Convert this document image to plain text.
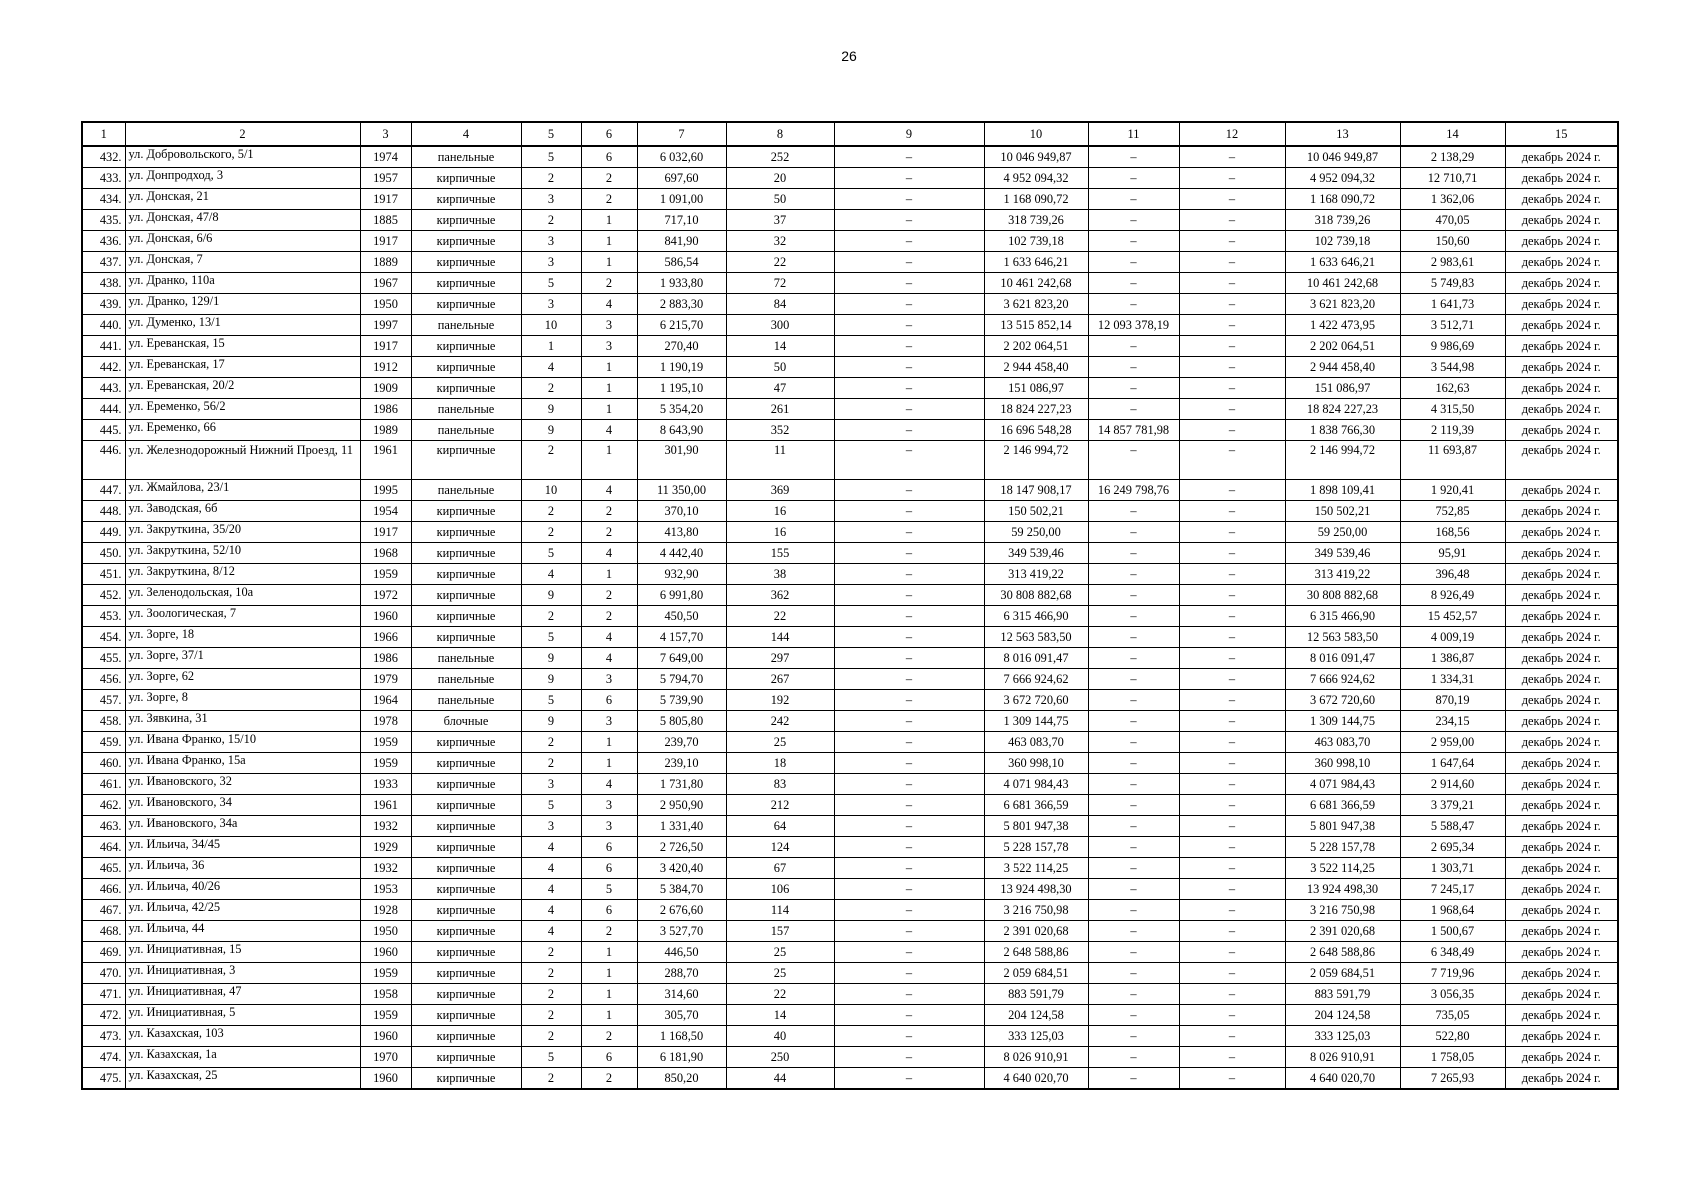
26
1	2	3	4	5	6	7	8	9	10	11	12	13	14	15
432.	ул. Добровольского, 5/1	1974	панельные	5	6	6 032,60	252	–	10 046 949,87	–	–	10 046 949,87	2 138,29	декабрь 2024 г.
433.	ул. Донпродход, 3	1957	кирпичные	2	2	697,60	20	–	4 952 094,32	–	–	4 952 094,32	12 710,71	декабрь 2024 г.
434.	ул. Донская, 21	1917	кирпичные	3	2	1 091,00	50	–	1 168 090,72	–	–	1 168 090,72	1 362,06	декабрь 2024 г.
435.	ул. Донская, 47/8	1885	кирпичные	2	1	717,10	37	–	318 739,26	–	–	318 739,26	470,05	декабрь 2024 г.
436.	ул. Донская, 6/6	1917	кирпичные	3	1	841,90	32	–	102 739,18	–	–	102 739,18	150,60	декабрь 2024 г.
437.	ул. Донская, 7	1889	кирпичные	3	1	586,54	22	–	1 633 646,21	–	–	1 633 646,21	2 983,61	декабрь 2024 г.
438.	ул. Дранко, 110а	1967	кирпичные	5	2	1 933,80	72	–	10 461 242,68	–	–	10 461 242,68	5 749,83	декабрь 2024 г.
439.	ул. Дранко, 129/1	1950	кирпичные	3	4	2 883,30	84	–	3 621 823,20	–	–	3 621 823,20	1 641,73	декабрь 2024 г.
440.	ул. Думенко, 13/1	1997	панельные	10	3	6 215,70	300	–	13 515 852,14	12 093 378,19	–	1 422 473,95	3 512,71	декабрь 2024 г.
441.	ул. Ереванская, 15	1917	кирпичные	1	3	270,40	14	–	2 202 064,51	–	–	2 202 064,51	9 986,69	декабрь 2024 г.
442.	ул. Ереванская, 17	1912	кирпичные	4	1	1 190,19	50	–	2 944 458,40	–	–	2 944 458,40	3 544,98	декабрь 2024 г.
443.	ул. Ереванская, 20/2	1909	кирпичные	2	1	1 195,10	47	–	151 086,97	–	–	151 086,97	162,63	декабрь 2024 г.
444.	ул. Еременко, 56/2	1986	панельные	9	1	5 354,20	261	–	18 824 227,23	–	–	18 824 227,23	4 315,50	декабрь 2024 г.
445.	ул. Еременко, 66	1989	панельные	9	4	8 643,90	352	–	16 696 548,28	14 857 781,98	–	1 838 766,30	2 119,39	декабрь 2024 г.
446.	ул. Железнодорожный Нижний Проезд, 11	1961	кирпичные	2	1	301,90	11	–	2 146 994,72	–	–	2 146 994,72	11 693,87	декабрь 2024 г.
447.	ул. Жмайлова, 23/1	1995	панельные	10	4	11 350,00	369	–	18 147 908,17	16 249 798,76	–	1 898 109,41	1 920,41	декабрь 2024 г.
448.	ул. Заводская, 6б	1954	кирпичные	2	2	370,10	16	–	150 502,21	–	–	150 502,21	752,85	декабрь 2024 г.
449.	ул. Закруткина, 35/20	1917	кирпичные	2	2	413,80	16	–	59 250,00	–	–	59 250,00	168,56	декабрь 2024 г.
450.	ул. Закруткина, 52/10	1968	кирпичные	5	4	4 442,40	155	–	349 539,46	–	–	349 539,46	95,91	декабрь 2024 г.
451.	ул. Закруткина, 8/12	1959	кирпичные	4	1	932,90	38	–	313 419,22	–	–	313 419,22	396,48	декабрь 2024 г.
452.	ул. Зеленодольская, 10а	1972	кирпичные	9	2	6 991,80	362	–	30 808 882,68	–	–	30 808 882,68	8 926,49	декабрь 2024 г.
453.	ул. Зоологическая, 7	1960	кирпичные	2	2	450,50	22	–	6 315 466,90	–	–	6 315 466,90	15 452,57	декабрь 2024 г.
454.	ул. Зорге, 18	1966	кирпичные	5	4	4 157,70	144	–	12 563 583,50	–	–	12 563 583,50	4 009,19	декабрь 2024 г.
455.	ул. Зорге, 37/1	1986	панельные	9	4	7 649,00	297	–	8 016 091,47	–	–	8 016 091,47	1 386,87	декабрь 2024 г.
456.	ул. Зорге, 62	1979	панельные	9	3	5 794,70	267	–	7 666 924,62	–	–	7 666 924,62	1 334,31	декабрь 2024 г.
457.	ул. Зорге, 8	1964	панельные	5	6	5 739,90	192	–	3 672 720,60	–	–	3 672 720,60	870,19	декабрь 2024 г.
458.	ул. Зявкина, 31	1978	блочные	9	3	5 805,80	242	–	1 309 144,75	–	–	1 309 144,75	234,15	декабрь 2024 г.
459.	ул. Ивана Франко, 15/10	1959	кирпичные	2	1	239,70	25	–	463 083,70	–	–	463 083,70	2 959,00	декабрь 2024 г.
460.	ул. Ивана Франко, 15а	1959	кирпичные	2	1	239,10	18	–	360 998,10	–	–	360 998,10	1 647,64	декабрь 2024 г.
461.	ул. Ивановского, 32	1933	кирпичные	3	4	1 731,80	83	–	4 071 984,43	–	–	4 071 984,43	2 914,60	декабрь 2024 г.
462.	ул. Ивановского, 34	1961	кирпичные	5	3	2 950,90	212	–	6 681 366,59	–	–	6 681 366,59	3 379,21	декабрь 2024 г.
463.	ул. Ивановского, 34а	1932	кирпичные	3	3	1 331,40	64	–	5 801 947,38	–	–	5 801 947,38	5 588,47	декабрь 2024 г.
464.	ул. Ильича, 34/45	1929	кирпичные	4	6	2 726,50	124	–	5 228 157,78	–	–	5 228 157,78	2 695,34	декабрь 2024 г.
465.	ул. Ильича, 36	1932	кирпичные	4	6	3 420,40	67	–	3 522 114,25	–	–	3 522 114,25	1 303,71	декабрь 2024 г.
466.	ул. Ильича, 40/26	1953	кирпичные	4	5	5 384,70	106	–	13 924 498,30	–	–	13 924 498,30	7 245,17	декабрь 2024 г.
467.	ул. Ильича, 42/25	1928	кирпичные	4	6	2 676,60	114	–	3 216 750,98	–	–	3 216 750,98	1 968,64	декабрь 2024 г.
468.	ул. Ильича, 44	1950	кирпичные	4	2	3 527,70	157	–	2 391 020,68	–	–	2 391 020,68	1 500,67	декабрь 2024 г.
469.	ул. Инициативная, 15	1960	кирпичные	2	1	446,50	25	–	2 648 588,86	–	–	2 648 588,86	6 348,49	декабрь 2024 г.
470.	ул. Инициативная, 3	1959	кирпичные	2	1	288,70	25	–	2 059 684,51	–	–	2 059 684,51	7 719,96	декабрь 2024 г.
471.	ул. Инициативная, 47	1958	кирпичные	2	1	314,60	22	–	883 591,79	–	–	883 591,79	3 056,35	декабрь 2024 г.
472.	ул. Инициативная, 5	1959	кирпичные	2	1	305,70	14	–	204 124,58	–	–	204 124,58	735,05	декабрь 2024 г.
473.	ул. Казахская, 103	1960	кирпичные	2	2	1 168,50	40	–	333 125,03	–	–	333 125,03	522,80	декабрь 2024 г.
474.	ул. Казахская, 1а	1970	кирпичные	5	6	6 181,90	250	–	8 026 910,91	–	–	8 026 910,91	1 758,05	декабрь 2024 г.
475.	ул. Казахская, 25	1960	кирпичные	2	2	850,20	44	–	4 640 020,70	–	–	4 640 020,70	7 265,93	декабрь 2024 г.
